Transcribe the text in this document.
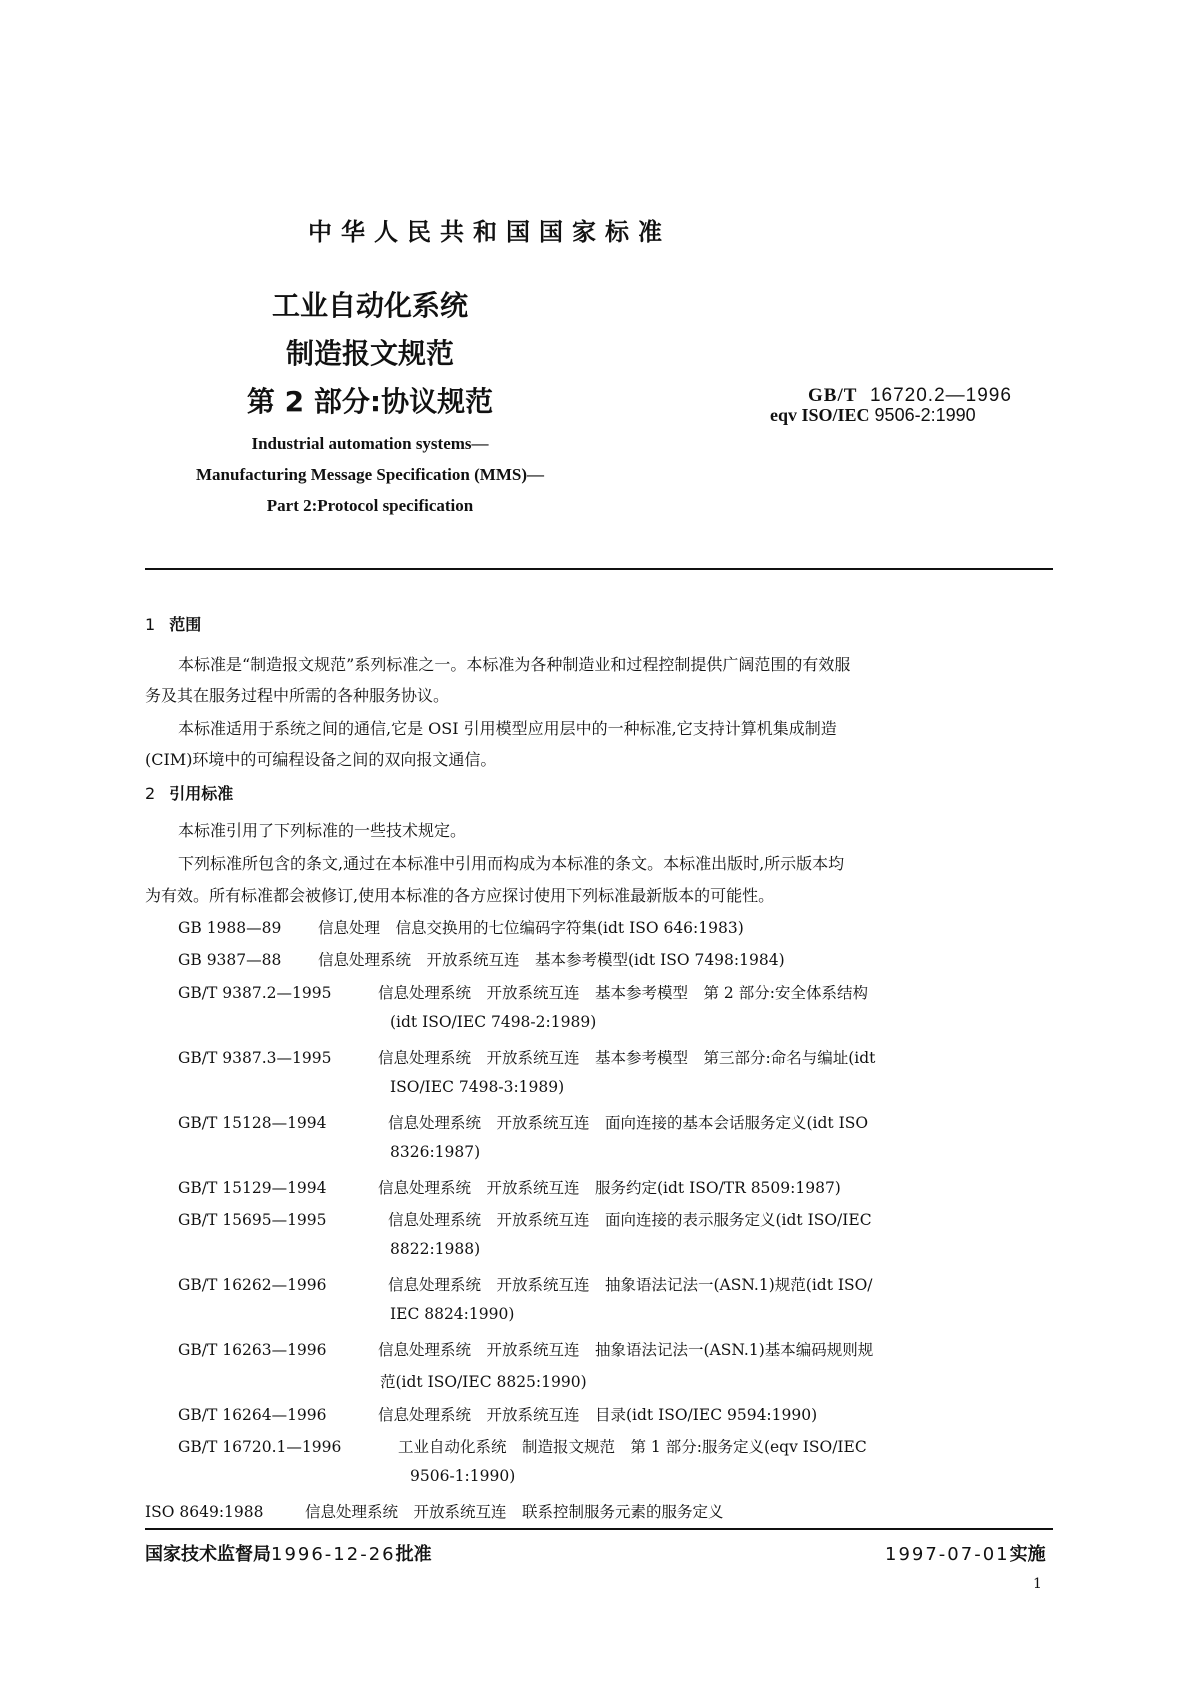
中华人民共和国国家标准
工业自动化系统
制造报文规范
第 2 部分:协议规范	GB/T 16720.2—1996
eqv ISO/IEC 9506-2:1990
Industrial automation systems—
Manufacturing Message Specification (MMS)—
Part 2:Protocol specification
1 范围
本标准是“制造报文规范”系列标准之一。本标准为各种制造业和过程控制提供广阔范围的有效服
务及其在服务过程中所需的各种服务协议。
本标准适用于系统之间的通信,它是 OSI 引用模型应用层中的一种标准,它支持计算机集成制造
(CIM)环境中的可编程设备之间的双向报文通信。
2 引用标准
本标准引用了下列标准的一些技术规定。
下列标准所包含的条文,通过在本标准中引用而构成为本标准的条文。本标准出版时,所示版本均
为有效。所有标准都会被修订,使用本标准的各方应探讨使用下列标准最新版本的可能性。
GB 1988—89 信息处理　信息交换用的七位编码字符集(idt ISO 646:1983)
GB 9387—88 信息处理系统　开放系统互连　基本参考模型(idt ISO 7498:1984)
GB/T 9387.2—1995	信息处理系统　开放系统互连　基本参考模型　第 2 部分:安全体系结构
(idt ISO/IEC 7498-2:1989)
GB/T 9387.3—1995	信息处理系统　开放系统互连　基本参考模型　第三部分:命名与编址(idt
ISO/IEC 7498-3:1989)
GB/T 15128—1994	信息处理系统　开放系统互连　面向连接的基本会话服务定义(idt ISO
8326:1987)
GB/T 15129—1994	信息处理系统　开放系统互连　服务约定(idt ISO/TR 8509:1987)
GB/T 15695—1995	信息处理系统　开放系统互连　面向连接的表示服务定义(idt ISO/IEC
8822:1988)
GB/T 16262—1996	信息处理系统　开放系统互连　抽象语法记法一(ASN.1)规范(idt ISO/
IEC 8824:1990)
GB/T 16263—1996	信息处理系统　开放系统互连　抽象语法记法一(ASN.1)基本编码规则规
范(idt ISO/IEC 8825:1990)
GB/T 16264—1996	信息处理系统　开放系统互连　目录(idt ISO/IEC 9594:1990)
GB/T 16720.1—1996	工业自动化系统　制造报文规范　第 1 部分:服务定义(eqv ISO/IEC
9506-1:1990)
ISO 8649:1988	信息处理系统　开放系统互连　联系控制服务元素的服务定义
国家技术监督局1996-12-26批准	1997-07-01实施
1
